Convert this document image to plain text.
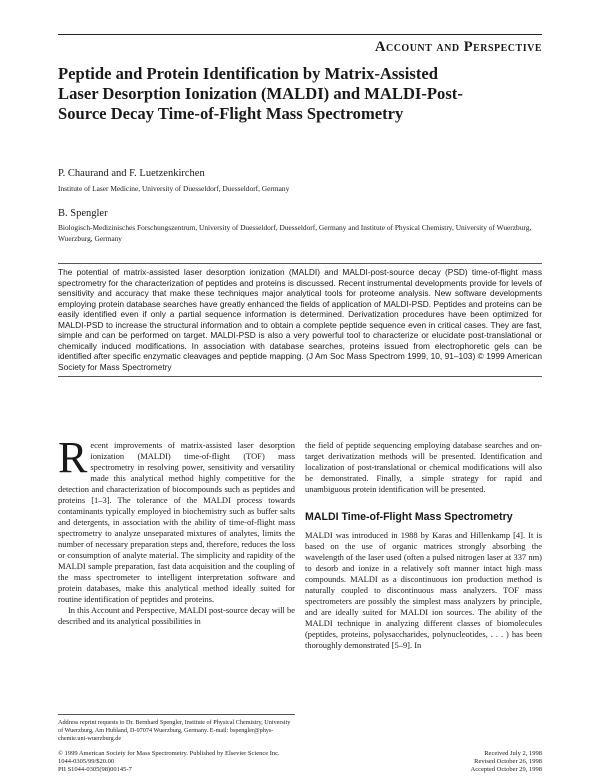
Account and Perspective
Peptide and Protein Identification by Matrix-Assisted Laser Desorption Ionization (MALDI) and MALDI-Post-Source Decay Time-of-Flight Mass Spectrometry
P. Chaurand and F. Luetzenkirchen
Institute of Laser Medicine, University of Duesseldorf, Duesseldorf, Germany
B. Spengler
Biologisch-Medizinisches Forschungszentrum, University of Duesseldorf, Duesseldorf, Germany and Institute of Physical Chemistry, University of Wuerzburg, Wuerzburg, Germany
The potential of matrix-assisted laser desorption ionization (MALDI) and MALDI-post-source decay (PSD) time-of-flight mass spectrometry for the characterization of peptides and proteins is discussed. Recent instrumental developments provide for levels of sensitivity and accuracy that make these techniques major analytical tools for proteome analysis. New software developments employing protein database searches have greatly enhanced the fields of application of MALDI-PSD. Peptides and proteins can be easily identified even if only a partial sequence information is determined. Derivatization procedures have been optimized for MALDI-PSD to increase the structural information and to obtain a complete peptide sequence even in critical cases. They are fast, simple and can be performed on target. MALDI-PSD is also a very powerful tool to characterize or elucidate post-translational or chemically induced modifications. In association with database searches, proteins issued from electrophoretic gels can be identified after specific enzymatic cleavages and peptide mapping. (J Am Soc Mass Spectrom 1999, 10, 91–103) © 1999 American Society for Mass Spectrometry

Recent improvements of matrix-assisted laser desorption ionization (MALDI) time-of-flight (TOF) mass spectrometry in resolving power, sensitivity and versatility made this analytical method highly competitive for the detection and characterization of biocompounds such as peptides and proteins [1–3]. The tolerance of the MALDI process towards contaminants typically employed in biochemistry such as buffer salts and detergents, in association with the ability of time-of-flight mass spectrometry to analyze unseparated mixtures of analytes, limits the number of necessary preparation steps and, therefore, reduces the loss or consumption of analyte material. The simplicity and rapidity of the MALDI sample preparation, fast data acquisition and the coupling of the mass spectrometer to intelligent interpretation software and protein databases, make this analytical method ideally suited for routine identification of peptides and proteins.

In this Account and Perspective, MALDI post-source decay will be described and its analytical possibilities in

the field of peptide sequencing employing database searches and on-target derivatization methods will be presented. Identification and localization of post-translational or chemical modifications will also be demonstrated. Finally, a simple strategy for rapid and unambiguous protein identification will be presented.

MALDI Time-of-Flight Mass Spectrometry

MALDI was introduced in 1988 by Karas and Hillenkamp [4]. It is based on the use of organic matrices strongly absorbing the wavelength of the laser used (often a pulsed nitrogen laser at 337 nm) to desorb and ionize in a relatively soft manner intact high mass compounds. MALDI as a discontinuous ion production method is naturally coupled to discontinuous mass analyzers. TOF mass spectrometers are possibly the simplest mass analyzers by principle, and are ideally suited for MALDI ion sources. The ability of the MALDI technique in analyzing different classes of biomolecules (peptides, proteins, polysaccharides, polynucleotides, . . . ) has been thoroughly demonstrated [5–9]. In

Address reprint requests to Dr. Bernhard Spengler, Institute of Physical Chemistry, University of Wuerzburg, Am Hubland, D-97074 Wuerzburg, Germany. E-mail: bspengler@phys-chemie.uni-wuerzburg.de
© 1999 American Society for Mass Spectrometry. Published by Elsevier Science Inc.
1044-0305/99/$20.00
PII S1044-0305(98)00145-7
Received July 2, 1998
Revised October 26, 1998
Accepted October 29, 1998
